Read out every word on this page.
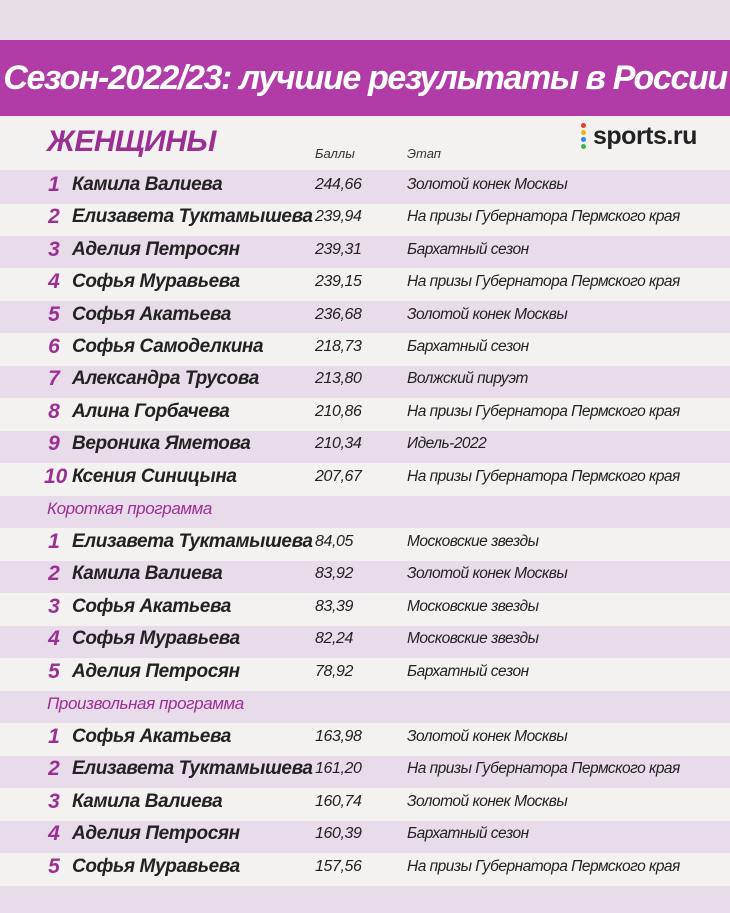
Сезон-2022/23: лучшие результаты в России
ЖЕНЩИНЫ	sports.ru
Баллы	Этап
1 Камила Валиева	244,66	Золотой конек Москвы
2 Елизавета Туктамышева 239,94	На призы Губернатора Пермского края
3 Аделия Петросян	239,31	Бархатный сезон
4 Софья Муравьева	239,15	На призы Губернатора Пермского края
5 Софья Акатьева	236,68	Золотой конек Москвы
6 Софья Самоделкина	218,73	Бархатный сезон
7 Александра Трусова	213,80	Волжский пируэт
8 Алина Горбачева	210,86	На призы Губернатора Пермского края
9 Вероника Яметова	210,34	Идель-2022
10 Ксения Синицына	207,67	На призы Губернатора Пермского края
Короткая программа
1 Елизавета Туктамышева 84,05	Московские звезды
2 Камила Валиева	83,92	Золотой конек Москвы
3 Софья Акатьева	83,39	Московские звезды
4 Софья Муравьева	82,24	Московские звезды
5 Аделия Петросян	78,92	Бархатный сезон
Произвольная программа
1 Софья Акатьева	163,98	Золотой конек Москвы
2 Елизавета Туктамышева 161,20	На призы Губернатора Пермского края
3 Камила Валиева	160,74	Золотой конек Москвы
4 Аделия Петросян	160,39	Бархатный сезон
5 Софья Муравьева	157,56	На призы Губернатора Пермского края
